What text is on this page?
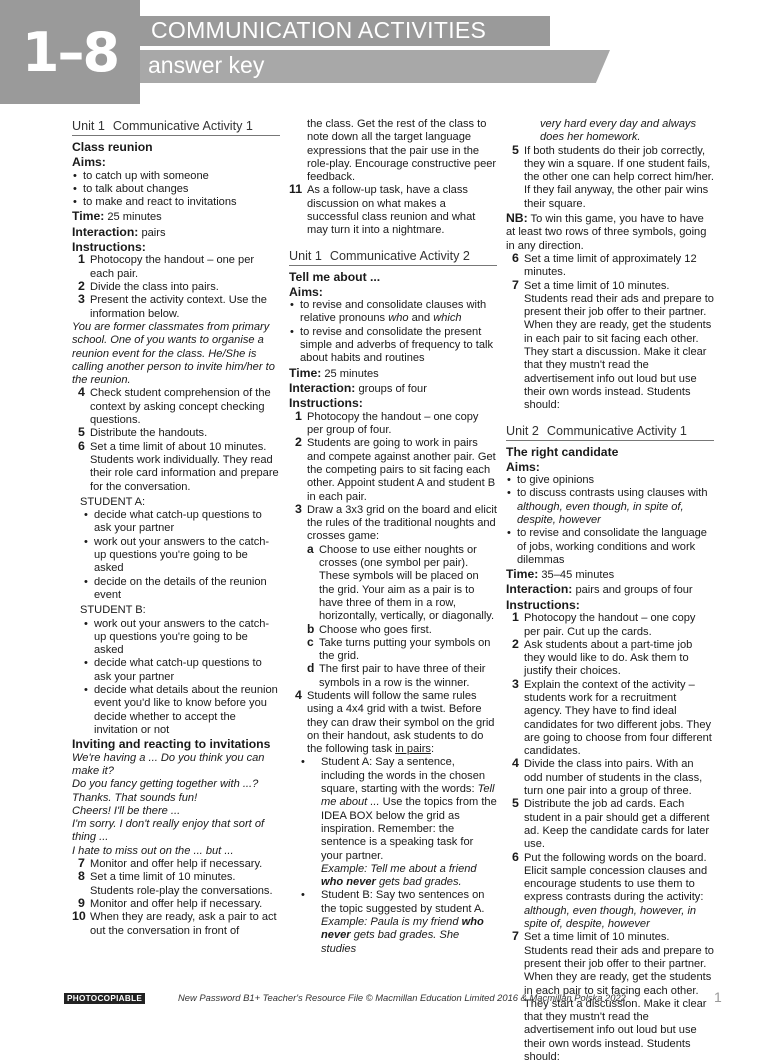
1–8	COMMUNICATION ACTIVITIES
answer key
Unit 1 Communicative Activity 1
Class reunion
Aims:
• to catch up with someone
• to talk about changes
• to make and react to invitations
Time: 25 minutes
Interaction: pairs
Instructions:
1 Photocopy the handout – one per each pair.
2 Divide the class into pairs.
3 Present the activity context. Use the information below.
You are former classmates from primary school. One of you wants to organise a reunion event for the class. He/She is calling another person to invite him/her to the reunion.
4 Check student comprehension of the context by asking concept checking questions.
5 Distribute the handouts.
6 Set a time limit of about 10 minutes. Students work individually. They read their role card information and prepare for the conversation.
STUDENT A:
• decide what catch-up questions to ask your partner
• work out your answers to the catch-up questions you're going to be asked
• decide on the details of the reunion event
STUDENT B:
• work out your answers to the catch-up questions you're going to be asked
• decide what catch-up questions to ask your partner
• decide what details about the reunion event you'd like to know before you decide whether to accept the invitation or not
Inviting and reacting to invitations
We're having a ... Do you think you can make it?
Do you fancy getting together with ...?
Thanks. That sounds fun!
Cheers! I'll be there ...
I'm sorry. I don't really enjoy that sort of thing ...
I hate to miss out on the ... but ...
7 Monitor and offer help if necessary.
8 Set a time limit of 10 minutes. Students role-play the conversations.
9 Monitor and offer help if necessary.
10 When they are ready, ask a pair to act out the conversation in front of
the class. Get the rest of the class to note down all the target language expressions that the pair use in the role-play. Encourage constructive peer feedback.
11 As a follow-up task, have a class discussion on what makes a successful class reunion and what may turn it into a nightmare.
Unit 1 Communicative Activity 2
Tell me about ...
Aims:
• to revise and consolidate clauses with relative pronouns who and which
• to revise and consolidate the present simple and adverbs of frequency to talk about habits and routines
Time: 25 minutes
Interaction: groups of four
Instructions:
1 Photocopy the handout – one copy per group of four.
2 Students are going to work in pairs and compete against another pair. Get the competing pairs to sit facing each other. Appoint student A and student B in each pair.
3 Draw a 3x3 grid on the board and elicit the rules of the traditional noughts and crosses game:
a Choose to use either noughts or crosses (one symbol per pair). These symbols will be placed on the grid. Your aim as a pair is to have three of them in a row, horizontally, vertically, or diagonally.
b Choose who goes first.
c Take turns putting your symbols on the grid.
d The first pair to have three of their symbols in a row is the winner.
4 Students will follow the same rules using a 4x4 grid with a twist. Before they can draw their symbol on the grid on their handout, ask students to do the following task in pairs:
• Student A: Say a sentence, including the words in the chosen square, starting with the words: Tell me about ... Use the topics from the IDEA BOX below the grid as inspiration. Remember: the sentence is a speaking task for your partner.
Example: Tell me about a friend
who never gets bad grades.
• Student B: Say two sentences on the topic suggested by student A.
Example: Paula is my friend who
never gets bad grades. She studies
very hard every day and always does her homework.
5 If both students do their job correctly, they win a square. If one student fails, the other one can help correct him/her. If they fail anyway, the other pair wins their square.
NB: To win this game, you have to have at least two rows of three symbols, going in any direction.
6 Set a time limit of approximately 12 minutes.
7 Set a time limit of 10 minutes. Students read their ads and prepare to present their job offer to their partner. When they are ready, get the students in each pair to sit facing each other. They start a discussion. Make it clear that they mustn't read the advertisement info out loud but use their own words instead. Students should:
Unit 2 Communicative Activity 1
The right candidate
Aims:
• to give opinions
• to discuss contrasts using clauses with although, even though, in spite of, despite, however
• to revise and consolidate the language of jobs, working conditions and work dilemmas
Time: 35–45 minutes
Interaction: pairs and groups of four
Instructions:
1 Photocopy the handout – one copy per pair. Cut up the cards.
2 Ask students about a part-time job they would like to do. Ask them to justify their choices.
3 Explain the context of the activity – students work for a recruitment agency. They have to find ideal candidates for two different jobs. They are going to choose from four different candidates.
4 Divide the class into pairs. With an odd number of students in the class, turn one pair into a group of three.
5 Distribute the job ad cards. Each student in a pair should get a different ad. Keep the candidate cards for later use.
6 Put the following words on the board. Elicit sample concession clauses and encourage students to use them to express contrasts during the activity: although, even though, however, in spite of, despite, however
7 Set a time limit of 10 minutes. Students read their ads and prepare to present their job offer to their partner. When they are ready, get the students in each pair to sit facing each other. They start a discussion. Make it clear that they mustn't read the advertisement info out loud but use their own words instead. Students should:
PHOTOCOPIABLE	New Password B1+ Teacher's Resource File © Macmillan Education Limited 2016 & Macmillan Polska 2022	1
